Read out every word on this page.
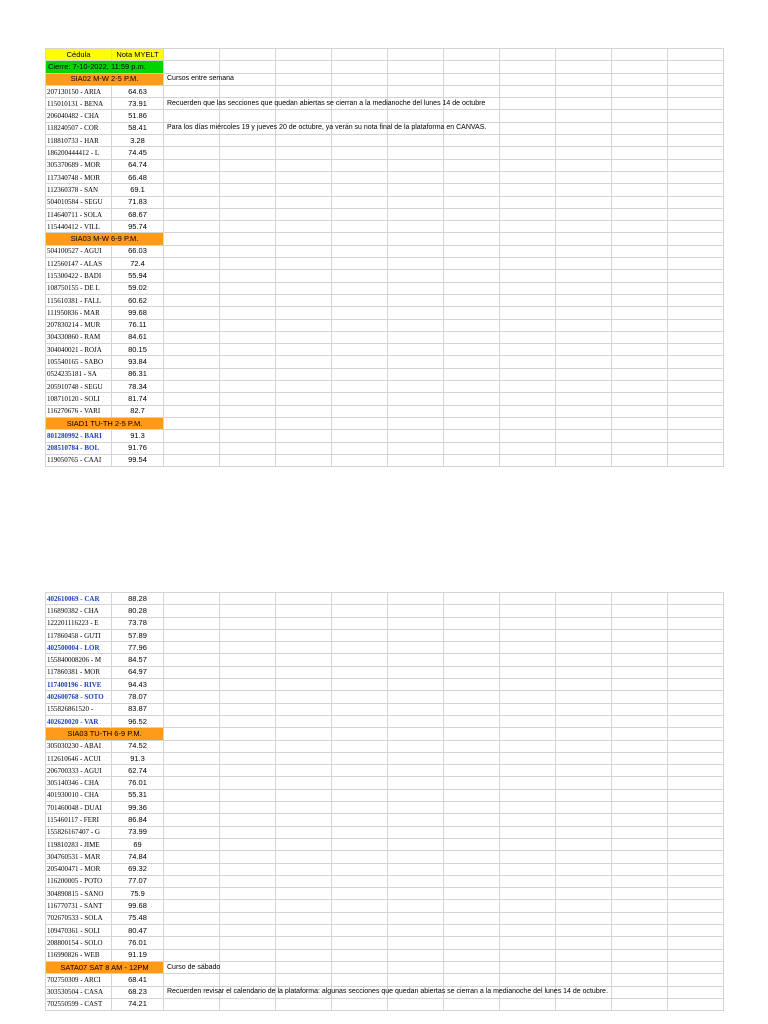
Cédula	Nota MYELT										
Cierre: 7-10-2022, 11:59 p.m.											
SIA02 M-W 2-5 P.M.		Cursos entre semana									
207130150 - ARIA	64.63										
115010131 - BENA	73.91	Recuerden que las secciones que quedan abiertas se cierran a la medianoche del lunes 14 de octubre									
206040482 - CHA	51.86										
118240507 - COR	58.41	Para los días miércoles 19 y jueves 20 de octubre, ya verán su nota final de la plataforma en CANVAS.									
118810733 - HAR	3.28										
186200444412 - L	74.45										
305370689 - MOR	64.74										
117340748 - MOR	66.48										
112360378 - SAN	69.1										
504010584 - SEGU	71.83										
114640711 - SOLA	68.67										
115440412 - VILL	95.74										
SIA03 M-W 6-9 P.M.											
504100527 - AGUI	66.03										
112560147 - ALAS	72.4										
115300422 - BADI	55.94										
108750155 - DE L	59.02										
115610381 - FALL	60.62										
111950836 - MAR	99.68										
207830214 - MUR	76.11										
304330860 - RAM	84.61										
304040021 - ROJA	80.15										
105540165 - SABO	93.84										
0524235181 - SA	86.31										
205910748 - SEGU	78.34										
108710120 - SOLI	81.74										
116270676 - VARI	82.7										
SIAD1 TU-TH 2-5 P.M.											
801280992 - BARI	91.3										
208510784 - BOL	91.76										
119050765 - CAAI	99.54										
402610069 - CAR	88.28										
116890382 - CHA	80.28										
122201116223 - E	73.78										
117860458 - GUTI	57.89										
402500004 - LOR	77.96										
155840008206 - M	84.57										
117860381 - MOR	64.97										
117400196 - RIVE	94.43										
402600768 - SOTO	78.07										
155826861520 -	83.87										
402620020 - VAR	96.52										
SIA03 TU-TH 6-9 P.M.											
305030230 - ABAI	74.52										
112610646 - ACUI	91.3										
206700333 - AGUI	62.74										
305140346 - CHA	76.01										
401930010 - CHA	55.31										
701460048 - DUAI	99.36										
115460117 - FERI	86.84										
155826167407 - G	73.99										
119810283 - JIME	69										
304760531 - MAR	74.84										
205400471 - MOR	69.32										
116200005 - POTO	77.07										
304890815 - SANO	75.9										
116770731 - SANT	99.68										
702670533 - SOLA	75.48										
109470361 - SOLI	80.47										
208800154 - SOLO	76.01										
116990826 - WEB	91.19										
SATA07 SAT 8 AM - 12PM		Curso de sábado									
702750309 - ARCI	68.41										
303530504 - CASA	68.23	Recuerden revisar el calendario de la plataforma: algunas secciones que quedan abiertas se cierran a la medianoche del lunes 14 de octubre.									
702550599 - CAST	74.21										
